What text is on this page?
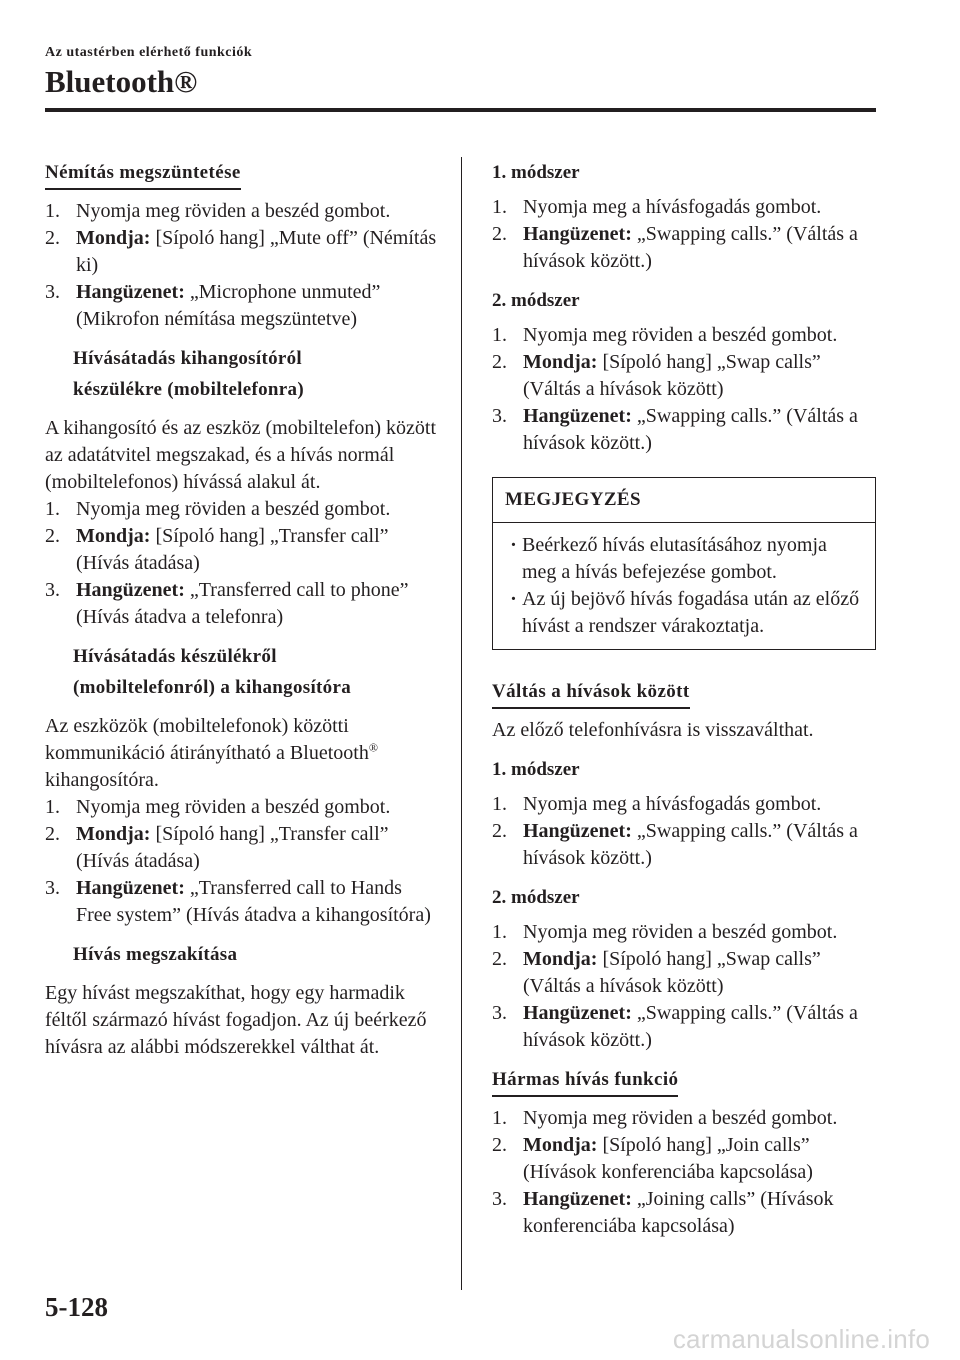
Az utastérben elérhető funkciók
Bluetooth®
Némítás megszüntetése
1. Nyomja meg röviden a beszéd gombot.
2. Mondja: [Sípoló hang] „Mute off” (Némítás ki)
3. Hangüzenet: „Microphone unmuted” (Mikrofon némítása megszüntetve)
Hívásátadás kihangosítóról
készülékre (mobiltelefonra)
A kihangosító és az eszköz (mobiltelefon) között az adatátvitel megszakad, és a hívás normál (mobiltelefonos) hívássá alakul át.
1. Nyomja meg röviden a beszéd gombot.
2. Mondja: [Sípoló hang] „Transfer call” (Hívás átadása)
3. Hangüzenet: „Transferred call to phone” (Hívás átadva a telefonra)
Hívásátadás készülékről
(mobiltelefonról) a kihangosítóra
Az eszközök (mobiltelefonok) közötti kommunikáció átirányítható a Bluetooth® kihangosítóra.
1. Nyomja meg röviden a beszéd gombot.
2. Mondja: [Sípoló hang] „Transfer call” (Hívás átadása)
3. Hangüzenet: „Transferred call to Hands Free system” (Hívás átadva a kihangosítóra)
Hívás megszakítása
Egy hívást megszakíthat, hogy egy harmadik féltől származó hívást fogadjon. Az új beérkező hívásra az alábbi módszerekkel válthat át.
1. módszer
1. Nyomja meg a hívásfogadás gombot.
2. Hangüzenet: „Swapping calls.” (Váltás a hívások között.)
2. módszer
1. Nyomja meg röviden a beszéd gombot.
2. Mondja: [Sípoló hang] „Swap calls” (Váltás a hívások között)
3. Hangüzenet: „Swapping calls.” (Váltás a hívások között.)
MEGJEGYZÉS
· Beérkező hívás elutasításához nyomja meg a hívás befejezése gombot.
· Az új bejövő hívás fogadása után az előző hívást a rendszer várakoztatja.
Váltás a hívások között
Az előző telefonhívásra is visszaválthat.
1. módszer
1. Nyomja meg a hívásfogadás gombot.
2. Hangüzenet: „Swapping calls.” (Váltás a hívások között.)
2. módszer
1. Nyomja meg röviden a beszéd gombot.
2. Mondja: [Sípoló hang] „Swap calls” (Váltás a hívások között)
3. Hangüzenet: „Swapping calls.” (Váltás a hívások között.)
Hármas hívás funkció
1. Nyomja meg röviden a beszéd gombot.
2. Mondja: [Sípoló hang] „Join calls” (Hívások konferenciába kapcsolása)
3. Hangüzenet: „Joining calls” (Hívások konferenciába kapcsolása)
5-128
carmanualsonline.info
